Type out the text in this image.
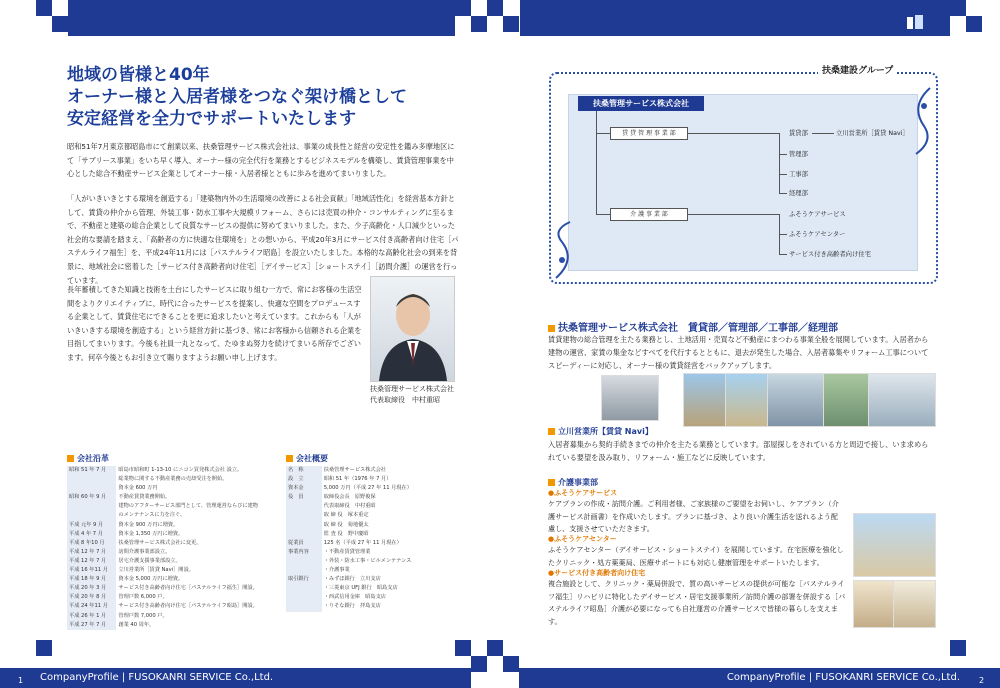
地域の皆様と40年
オーナー様と入居者様をつなぐ架け橋として
安定経営を全力でサポートいたします
昭和51年7月東京都昭島市にて創業以来、扶桑管理サービス株式会社は、事業の成長性と経営の安定性を鑑み多摩地区にて「サブリース事業」をいち早く導入、オーナー様の完全代行を業務とするビジネスモデルを構築し、賃貸管理事業を中心とした総合不動産サービス企業としてオーナー様・入居者様とともに歩みを進めてまいりました。
「人がいきいきとする環境を創造する」「建築物内外の生活環境の改善による社会貢献」「地域活性化」を経営基本方針として、賃貸の仲介から管理、外装工事・防水工事や大規模リフォーム、さらには売買の仲介・コンサルティングに至るまで、不動産と建築の総合企業として良質なサービスの提供に努めてまいりました。また、少子高齢化・人口減少といった社会的な要請を踏まえ、「高齢者の方に快適な住環境を」との想いから、平成20年3月にサービス付き高齢者向け住宅［パステルライフ福生］を、平成24年11月には［パステルライフ昭島］を設立いたしました。本格的な高齢化社会の到来を背景に、地域社会に密着した［サービス付き高齢者向け住宅］［デイサービス］［ショートステイ］［訪問介護］の運営を行っています。
長年蓄積してきた知識と技術を土台にしたサービスに取り組む一方で、常にお客様の生活空間をよりクリエイティブに、時代に合ったサービスを提案し、快適な空間をプロデュースする企業として、賃貸住宅にできることを更に追求したいと考えています。これからも「人がいきいきする環境を創造する」という経営方針に基づき、常にお客様から信頼される企業を目指してまいります。今後も社員一丸となって、たゆまぬ努力を続けてまいる所存でございます。何卒今後ともお引き立て賜りますようお願い申し上げます。
扶桑管理サービス株式会社
代表取締役　中村重昭
会社沿革
昭和 51 年 7 月	昭島市昭和町 1-13-10 にニコン買発株式会社 設立。
	総業物に関する不動産業務の売却受注を開始。
	資本金 600 万円
昭和 60 年 9 月	不動産賃貸業務開始。
	建物のアフターサービス部門として、管理運営ならびに建物
	のメンテナンスに力を注ぐ。
平成 元年 9 月	資本金 900 万円に増資。
平成 4 年 7 月	資本金 1,350 万円に増資。
平成 8 年10 月	扶桑管理サービス株式会社に変更。
平成 12 年 7 月	訪問介護事業部設立。
平成 12 年 7 月	居宅介護支援事業部設立。
平成 16 年11 月	立川営業所［賃貸 Navi］開設。
平成 18 年 9 月	資本金 5,000 万円に増資。
平成 20 年 3 月	サービス付き高齢者向け住宅［パステルライフ福生］開設。
平成 20 年 8 月	管理戸数 6,000 戸。
平成 24 年11 月	サービス付き高齢者向け住宅［パステルライフ昭島］開設。
平成 26 年 1 月	管理戸数 7,000 戸。
平成 27 年 7 月	創業 40 周年。
会社概要
名　称	扶桑管理サービス株式会社
設　立	昭和 51 年（1976 年 7 月）
資本金	5,000 万円（平成 27 年 11 月現在）
役　員	取締役会長　原野俊保
	代表取締役　中村重昭
	取 締 役　塚本重定
	取 締 役　菊地優太
	監 査 役　野中慶昭
従業員	125 名（平成 27 年 11 月現在）
事業内容	・不動産賃貸管理業
	・外装・防水工事・ビルメンテナンス
	・介護事業
取引銀行	・みずほ銀行　立川支店
	・三菱東京 UFJ 銀行　昭島支店
	・西武信用金庫　昭島支店
	・りそな銀行　拝島支店
扶桑建設グループ
扶桑管理サービス株式会社
賃 貸 管 理 事 業 部
介 護 事 業 部
賃貸部
管理部
工事部
経理部
ふそうケアサービス
ふそうケアセンター
サービス付き高齢者向け住宅
立川営業所［賃貸 Navi］
扶桑管理サービス株式会社　賃貸部／管理部／工事部／経理部
賃貸建物の総合管理を主たる業務とし、土地活用・売買など不動産にまつわる事業全般を展開しています。入居者から建物の運営、家賃の集金などすべてを代行するとともに、退去が発生した場合、入居者募集やリフォーム工事についてスピーディーに対応し、オーナー様の賃貸経営をバックアップします。
立川営業所【賃貸 Navi】
入居者募集から契約手続きまでの仲介を主たる業務としています。部屋探しをされている方と周辺で接し、いま求められている要望を汲み取り、リフォーム・施工などに反映しています。
介護事業部
●ふそうケアサービス
ケアプランの作成・訪問介護。ご利用者様、ご家族様のご要望をお伺いし、ケアプラン（介護サービス計画書）を作成いたします。プランに基づき、より良い介護生活を送れるよう配慮し、支援させていただきます。
●ふそうケアセンター
ふそうケアセンター（デイサービス・ショートステイ）を展開しています。在宅医療を強化したクリニック・処方薬薬局、医療サポートにも対応し健康管理をサポートいたします。
●サービス付き高齢者向け住宅
複合施設として、クリニック・薬局併設で、質の高いサービスの提供が可能な［パステルライフ福生］リハビリに特化したデイサービス・居宅支援事業所／訪問介護の部署を併設する［パステルライフ昭島］介護が必要になっても自社運営の介護サービスで皆様の暮らしを支えます。
CompanyProfile | FUSOKANRI SERVICE Co.,Ltd.	CompanyProfile | FUSOKANRI SERVICE Co.,Ltd.
1	2
